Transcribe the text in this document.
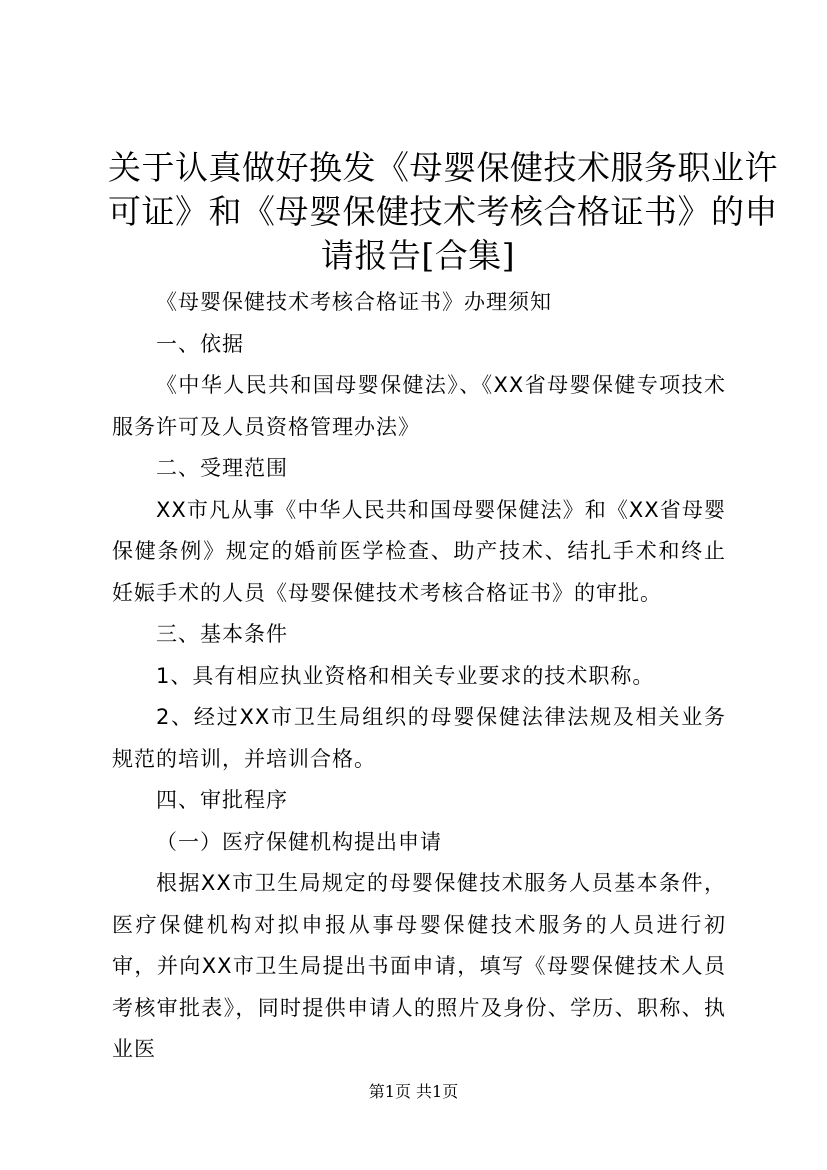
关于认真做好换发《母婴保健技术服务职业许
可证》和《母婴保健技术考核合格证书》的申
请报告[合集]

《母婴保健技术考核合格证书》办理须知

一、依据

《中华人民共和国母婴保健法》、《XX省母婴保健专项技术服务许可及人员资格管理办法》

二、受理范围

XX市凡从事《中华人民共和国母婴保健法》和《XX省母婴保健条例》规定的婚前医学检查、助产技术、结扎手术和终止妊娠手术的人员《母婴保健技术考核合格证书》的审批。

三、基本条件

1、具有相应执业资格和相关专业要求的技术职称。

2、经过XX市卫生局组织的母婴保健法律法规及相关业务规范的培训，并培训合格。

四、审批程序

（一）医疗保健机构提出申请

根据XX市卫生局规定的母婴保健技术服务人员基本条件，医疗保健机构对拟申报从事母婴保健技术服务的人员进行初审，并向XX市卫生局提出书面申请，填写《母婴保健技术人员考核审批表》，同时提供申请人的照片及身份、学历、职称、执业医

第1页 共1页
